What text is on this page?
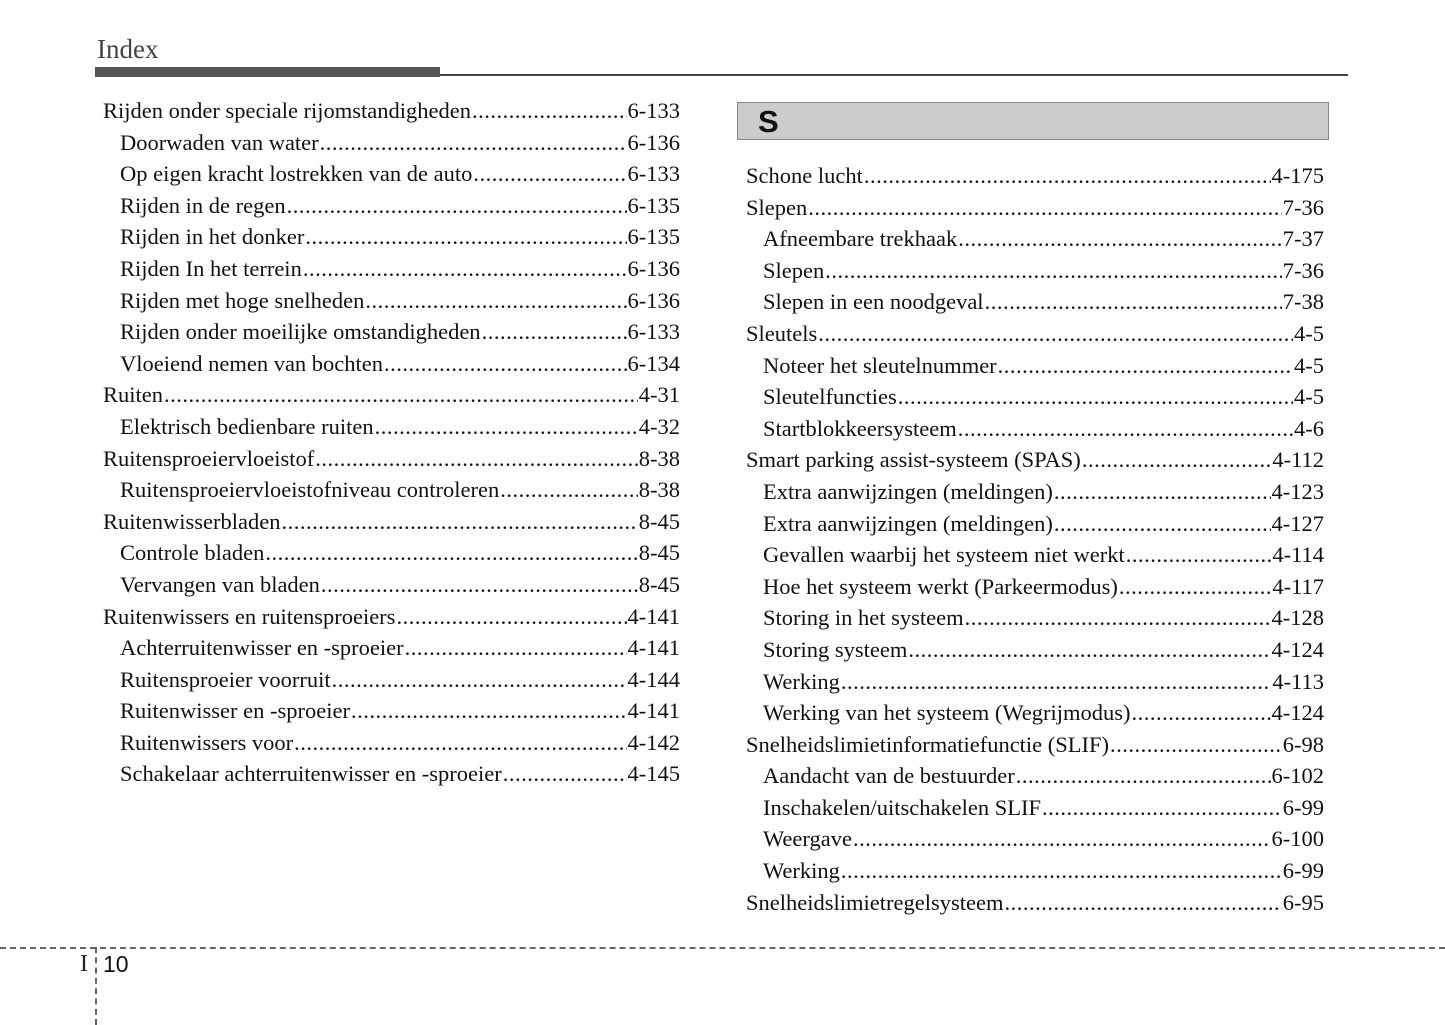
Index
Rijden onder speciale rijomstandigheden .....	6-133
Doorwaden van water .....	6-136
Op eigen kracht lostrekken van de auto .....	6-133
Rijden in de regen .....	6-135
Rijden in het donker .....	6-135
Rijden In het terrein .....	6-136
Rijden met hoge snelheden .....	6-136
Rijden onder moeilijke omstandigheden .....	6-133
Vloeiend nemen van bochten .....	6-134
Ruiten .....	4-31
Elektrisch bedienbare ruiten .....	4-32
Ruitensproeiervloeistof .....	8-38
Ruitensproeiervloeistofniveau controleren .....	8-38
Ruitenwisserbladen .....	8-45
Controle bladen .....	8-45
Vervangen van bladen .....	8-45
Ruitenwissers en ruitensproeiers .....	4-141
Achterruitenwisser en -sproeier .....	4-141
Ruitensproeier voorruit .....	4-144
Ruitenwisser en -sproeier .....	4-141
Ruitenwissers voor .....	4-142
Schakelaar achterruitenwisser en -sproeier .....	4-145
S
Schone lucht .....	4-175
Slepen .....	7-36
Afneembare trekhaak .....	7-37
Slepen .....	7-36
Slepen in een noodgeval .....	7-38
Sleutels .....	4-5
Noteer het sleutelnummer .....	4-5
Sleutelfuncties .....	4-5
Startblokkeersysteem .....	4-6
Smart parking assist-systeem (SPAS) .....	4-112
Extra aanwijzingen (meldingen) .....	4-123
Extra aanwijzingen (meldingen) .....	4-127
Gevallen waarbij het systeem niet werkt .....	4-114
Hoe het systeem werkt (Parkeermodus) .....	4-117
Storing in het systeem .....	4-128
Storing systeem .....	4-124
Werking .....	4-113
Werking van het systeem (Wegrijmodus) .....	4-124
Snelheidslimietinformatiefunctie (SLIF) .....	6-98
Aandacht van de bestuurder .....	6-102
Inschakelen/uitschakelen SLIF .....	6-99
Weergave .....	6-100
Werking .....	6-99
Snelheidslimietregelsysteem .....	6-95
I 10
